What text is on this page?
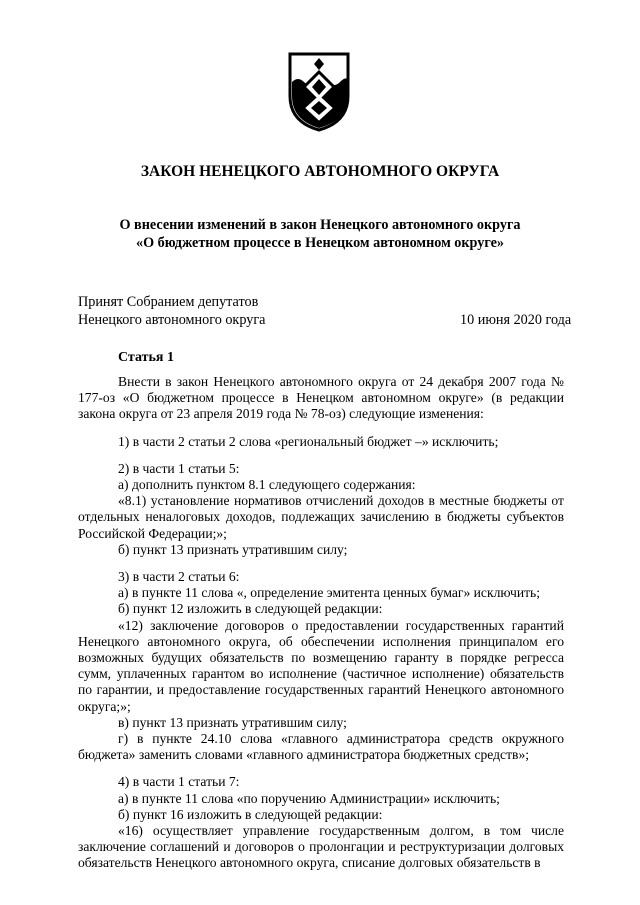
ЗАКОН НЕНЕЦКОГО АВТОНОМНОГО ОКРУГА
О внесении изменений в закон Ненецкого автономного округа
«О бюджетном процессе в Ненецком автономном округе»
Принят Собранием депутатов
Ненецкого автономного округа	10 июня 2020 года
Статья 1

Внести в закон Ненецкого автономного округа от 24 декабря 2007 года № 177-оз «О бюджетном процессе в Ненецком автономном округе» (в редакции закона округа от 23 апреля 2019 года № 78-оз) следующие изменения:

1) в части 2 статьи 2 слова «региональный бюджет –» исключить;

2) в части 1 статьи 5:

а) дополнить пунктом 8.1 следующего содержания:

«8.1) установление нормативов отчислений доходов в местные бюджеты от отдельных неналоговых доходов, подлежащих зачислению в бюджеты субъектов Российской Федерации;»;

б) пункт 13 признать утратившим силу;

3) в части 2 статьи 6:

а) в пункте 11 слова «, определение эмитента ценных бумаг» исключить;

б) пункт 12 изложить в следующей редакции:

«12) заключение договоров о предоставлении государственных гарантий Ненецкого автономного округа, об обеспечении исполнения принципалом его возможных будущих обязательств по возмещению гаранту в порядке регресса сумм, уплаченных гарантом во исполнение (частичное исполнение) обязательств по гарантии, и предоставление государственных гарантий Ненецкого автономного округа;»;

в) пункт 13 признать утратившим силу;

г) в пункте 24.10 слова «главного администратора средств окружного бюджета» заменить словами «главного администратора бюджетных средств»;

4) в части 1 статьи 7:

а) в пункте 11 слова «по поручению Администрации» исключить;

б) пункт 16 изложить в следующей редакции:

«16) осуществляет управление государственным долгом, в том числе заключение соглашений и договоров о пролонгации и реструктуризации долговых обязательств Ненецкого автономного округа, списание долговых обязательств в
